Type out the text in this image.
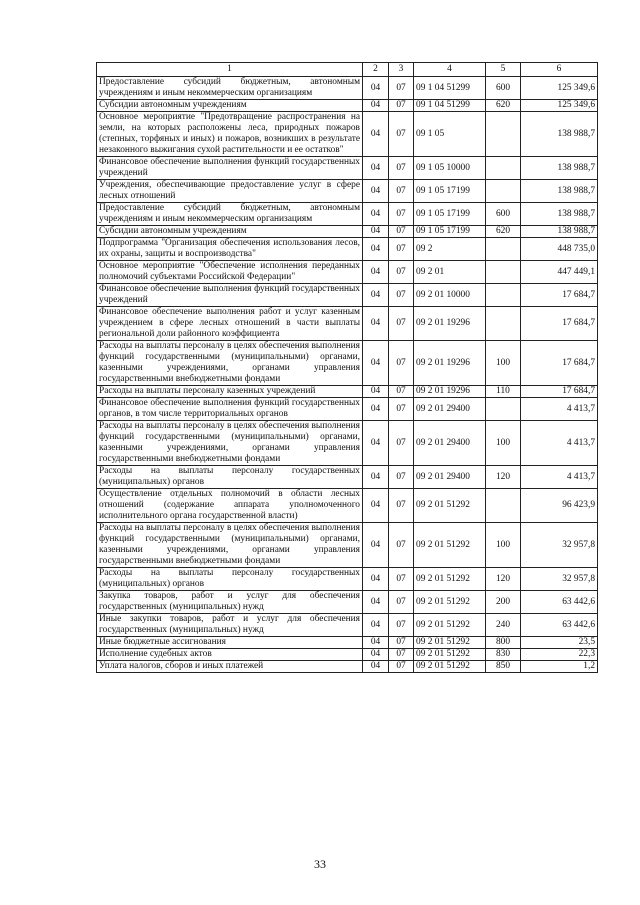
1	2	3	4	5	6
Предоставление субсидий бюджетным, автономным учреждениям и иным некоммерческим организациям	04	07	09 1 04 51299	600	125 349,6
Субсидии автономным учреждениям	04	07	09 1 04 51299	620	125 349,6
Основное мероприятие "Предотвращение распространения на земли, на которых расположены леса, природных пожаров (степных, торфяных и иных) и пожаров, возникших в результате незаконного выжигания сухой растительности и ее остатков"	04	07	09 1 05		138 988,7
Финансовое обеспечение выполнения функций государственных учреждений	04	07	09 1 05 10000		138 988,7
Учреждения, обеспечивающие предоставление услуг в сфере лесных отношений	04	07	09 1 05 17199		138 988,7
Предоставление субсидий бюджетным, автономным учреждениям и иным некоммерческим организациям	04	07	09 1 05 17199	600	138 988,7
Субсидии автономным учреждениям	04	07	09 1 05 17199	620	138 988,7
Подпрограмма "Организация обеспечения использования лесов, их охраны, защиты и воспроизводства"	04	07	09 2		448 735,0
Основное мероприятие "Обеспечение исполнения переданных полномочий субъектами Российской Федерации"	04	07	09 2 01		447 449,1
Финансовое обеспечение выполнения функций государственных учреждений	04	07	09 2 01 10000		17 684,7
Финансовое обеспечение выполнения работ и услуг казенным учреждением в сфере лесных отношений в части выплаты региональной доли районного коэффициента	04	07	09 2 01 19296		17 684,7
Расходы на выплаты персоналу в целях обеспечения выполнения функций государственными (муниципальными) органами, казенными учреждениями, органами управления государственными внебюджетными фондами	04	07	09 2 01 19296	100	17 684,7
Расходы на выплаты персоналу казенных учреждений	04	07	09 2 01 19296	110	17 684,7
Финансовое обеспечение выполнения функций государственных органов, в том числе территориальных органов	04	07	09 2 01 29400		4 413,7
Расходы на выплаты персоналу в целях обеспечения выполнения функций государственными (муниципальными) органами, казенными учреждениями, органами управления государственными внебюджетными фондами	04	07	09 2 01 29400	100	4 413,7
Расходы на выплаты персоналу государственных (муниципальных) органов	04	07	09 2 01 29400	120	4 413,7
Осуществление отдельных полномочий в области лесных отношений (содержание аппарата уполномоченного исполнительного органа государственной власти)	04	07	09 2 01 51292		96 423,9
Расходы на выплаты персоналу в целях обеспечения выполнения функций государственными (муниципальными) органами, казенными учреждениями, органами управления государственными внебюджетными фондами	04	07	09 2 01 51292	100	32 957,8
Расходы на выплаты персоналу государственных (муниципальных) органов	04	07	09 2 01 51292	120	32 957,8
Закупка товаров, работ и услуг для обеспечения государственных (муниципальных) нужд	04	07	09 2 01 51292	200	63 442,6
Иные закупки товаров, работ и услуг для обеспечения государственных (муниципальных) нужд	04	07	09 2 01 51292	240	63 442,6
Иные бюджетные ассигнования	04	07	09 2 01 51292	800	23,5
Исполнение судебных актов	04	07	09 2 01 51292	830	22,3
Уплата налогов, сборов и иных платежей	04	07	09 2 01 51292	850	1,2
33
